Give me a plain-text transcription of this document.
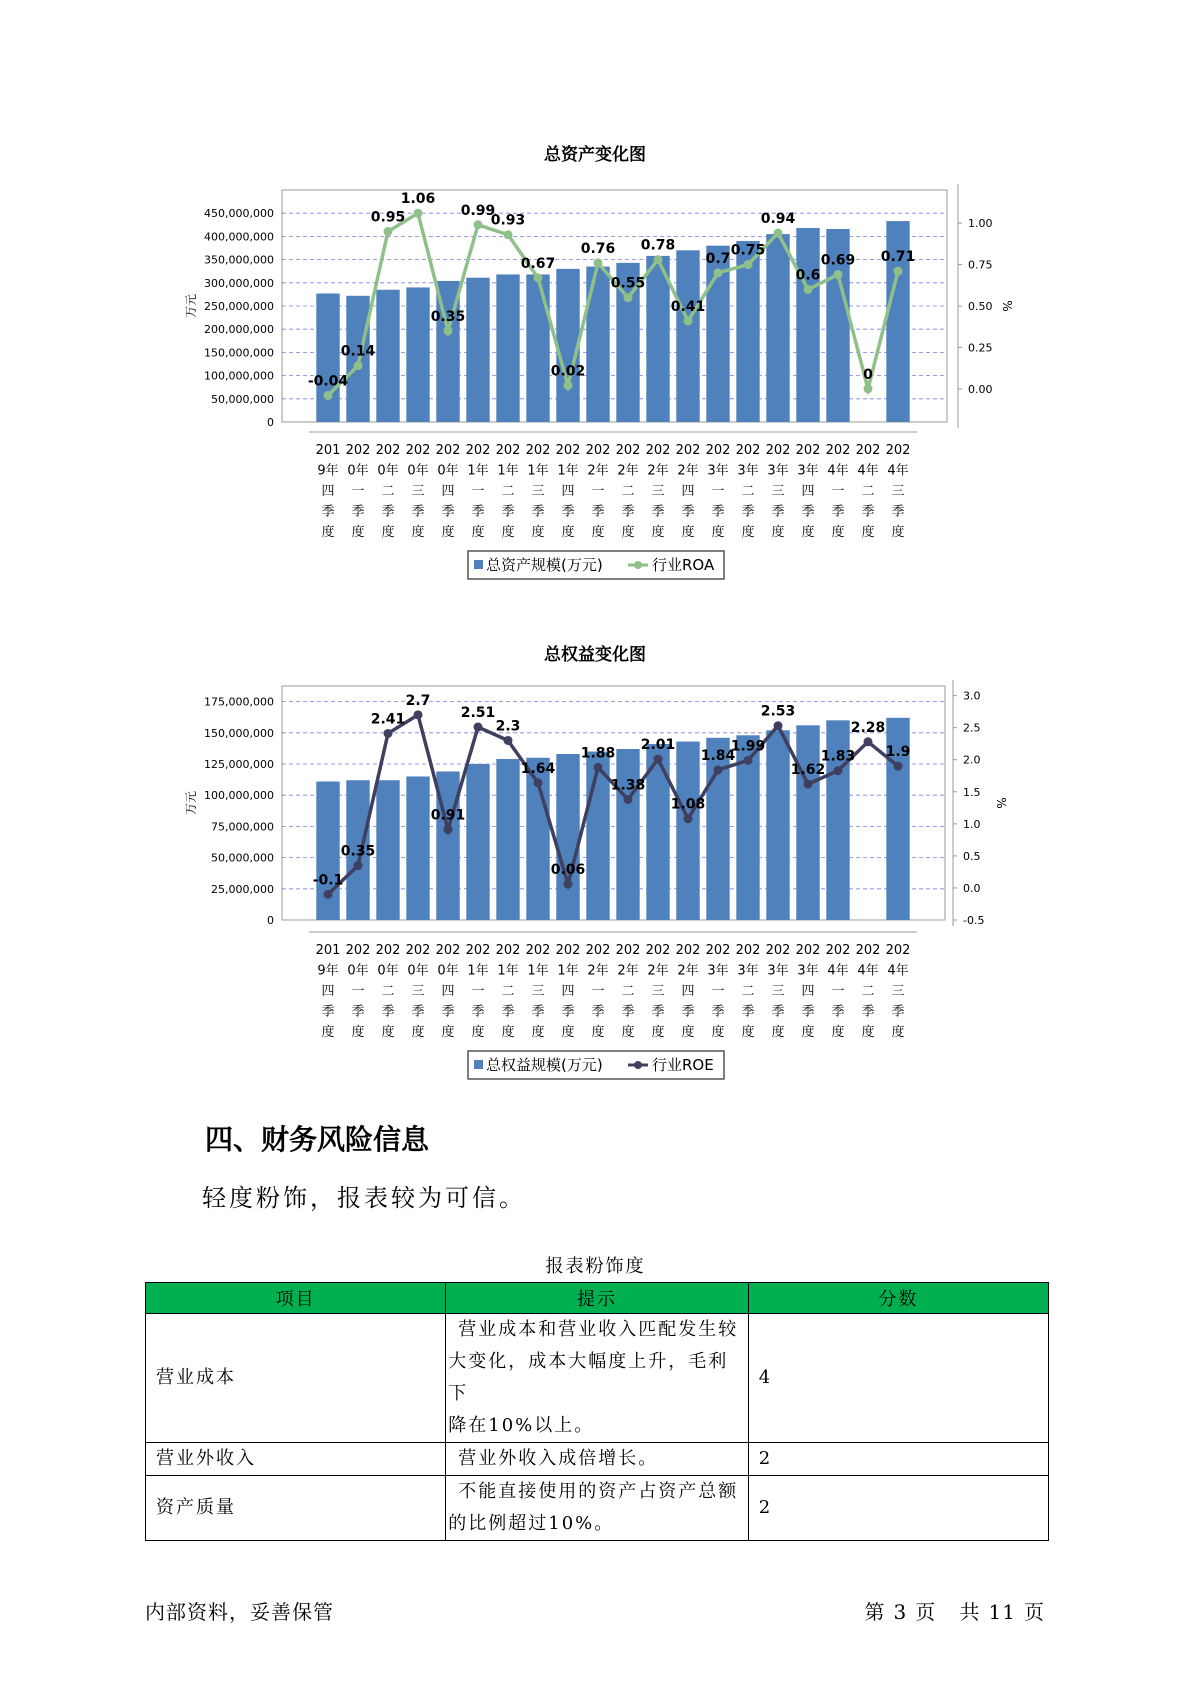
总资产变化图
0
50,000,000
100,000,000
150,000,000
200,000,000
250,000,000
300,000,000
350,000,000
400,000,000
450,000,000
万元
0.00
0.25
0.50
0.75
1.00
%
-0.04
0.14
0.95
1.06
0.35
0.99
0.93
0.67
0.02
0.76
0.55
0.78
0.41
0.7
0.75
0.94
0.6
0.69
0
0.71
201
9年
四
季
度
202
0年
一
季
度
202
0年
二
季
度
202
0年
三
季
度
202
0年
四
季
度
202
1年
一
季
度
202
1年
二
季
度
202
1年
三
季
度
202
1年
四
季
度
202
2年
一
季
度
202
2年
二
季
度
202
2年
三
季
度
202
2年
四
季
度
202
3年
一
季
度
202
3年
二
季
度
202
3年
三
季
度
202
3年
四
季
度
202
4年
一
季
度
202
4年
二
季
度
202
4年
三
季
度
总资产规模(万元)	行业ROA
总权益变化图
0
25,000,000
50,000,000
75,000,000
100,000,000
125,000,000
150,000,000
175,000,000
万元
-0.5
0.0
0.5
1.0
1.5
2.0
2.5
3.0
%
-0.1
0.35
2.41
2.7
0.91
2.51
2.3
1.64
0.06
1.88
1.38
2.01
1.08
1.84
1.99
2.53
1.62
1.83
2.28
1.9
201
9年
四
季
度
202
0年
一
季
度
202
0年
二
季
度
202
0年
三
季
度
202
0年
四
季
度
202
1年
一
季
度
202
1年
二
季
度
202
1年
三
季
度
202
1年
四
季
度
202
2年
一
季
度
202
2年
二
季
度
202
2年
三
季
度
202
2年
四
季
度
202
3年
一
季
度
202
3年
二
季
度
202
3年
三
季
度
202
3年
四
季
度
202
4年
一
季
度
202
4年
二
季
度
202
4年
三
季
度
总权益规模(万元)	行业ROE
四、财务风险信息

轻度粉饰，报表较为可信。

报表粉饰度
项目	提示	分数
营业成本	营业成本和营业收入匹配发生较
大变化，成本大幅度上升，毛利下
降在10%以上。	4
营业外收入	营业外收入成倍增长。	2
资产质量	不能直接使用的资产占资产总额
的比例超过10%。	2
内部资料，妥善保管	第 3 页 共 11 页
